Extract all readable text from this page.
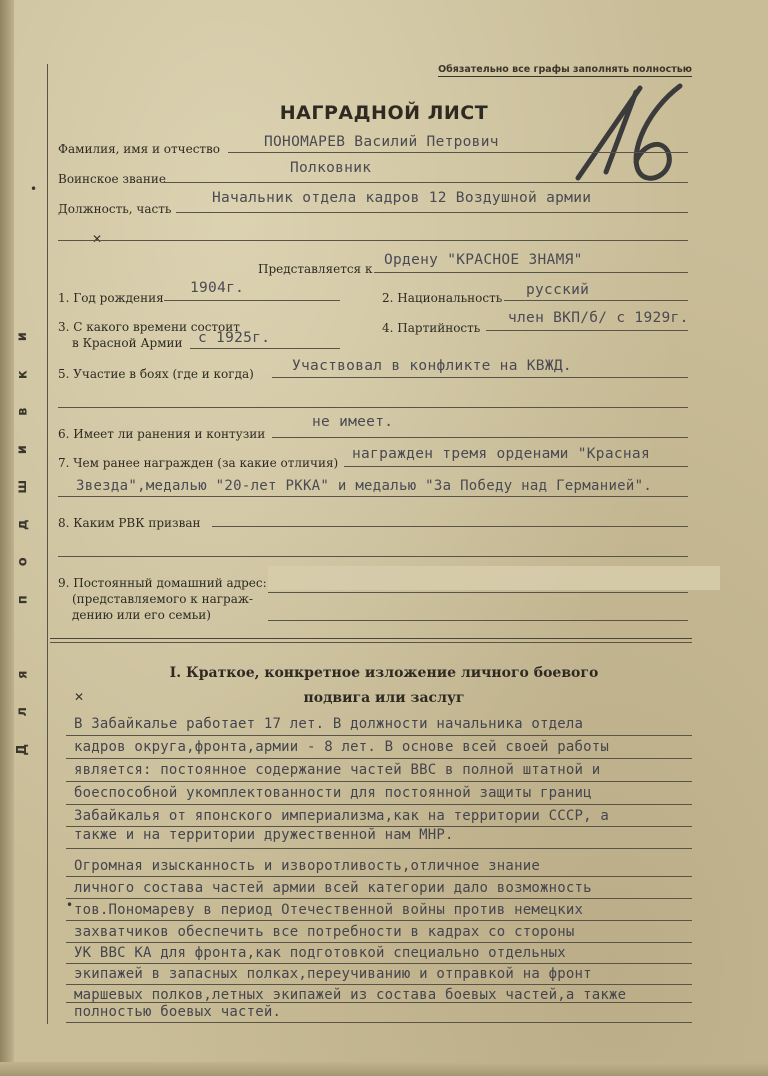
и
к
в
и
ш
д
о
п
я
л
Д
•
✕
Обязательно все графы заполнять полностью
НАГРАДНОЙ ЛИСТ
Фамилия, имя и отчество	ПОНОМАРЕВ Василий Петрович
Воинское звание
Полковник
Должность, часть
Начальник отдела кадров 12 Воздушной армии
Представляется к
Ордену "КРАСНОЕ ЗНАМЯ"
1. Год рождения
1904г.
2. Национальность русский
3. С какого времени состоит
в Красной Армии с 1925г.
4. Партийность
член ВКП/б/ с 1929г.
5. Участие в боях (где и когда)	Участвовал в конфликте на КВЖД.
6. Имеет ли ранения и контузии
не имеет.
7. Чем ранее награжден (за какие отличия)
награжден тремя орденами "Красная
Звезда",медалью "20-лет РККА" и медалью "За Победу над Германией".
8. Каким РВК призван
9. Постоянный домашний адрес:
(представляемого к награж-
дению или его семьи)
I. Краткое, конкретное изложение личного боевого
подвига или заслуг
✕
•
В Забайкалье работает 17 лет. В должности начальника отдела
кадров округа,фронта,армии - 8 лет. В основе всей своей работы
является: постоянное содержание частей ВВС в полной штатной и
боеспособной укомплектованности для постоянной защиты границ
Забайкалья от японского империализма,как на территории СССР, а
также и на территории дружественной нам МНР.
Огромная изысканность и изворотливость,отличное знание
личного состава частей армии всей категории дало возможность
тов.Пономареву в период Отечественной войны против немецких
захватчиков обеспечить все потребности в кадрах со стороны
УК ВВС КА для фронта,как подготовкой специально отдельных
экипажей в запасных полках,переучиванию и отправкой на фронт
маршевых полков,летных экипажей из состава боевых частей,а также
полностью боевых частей.
